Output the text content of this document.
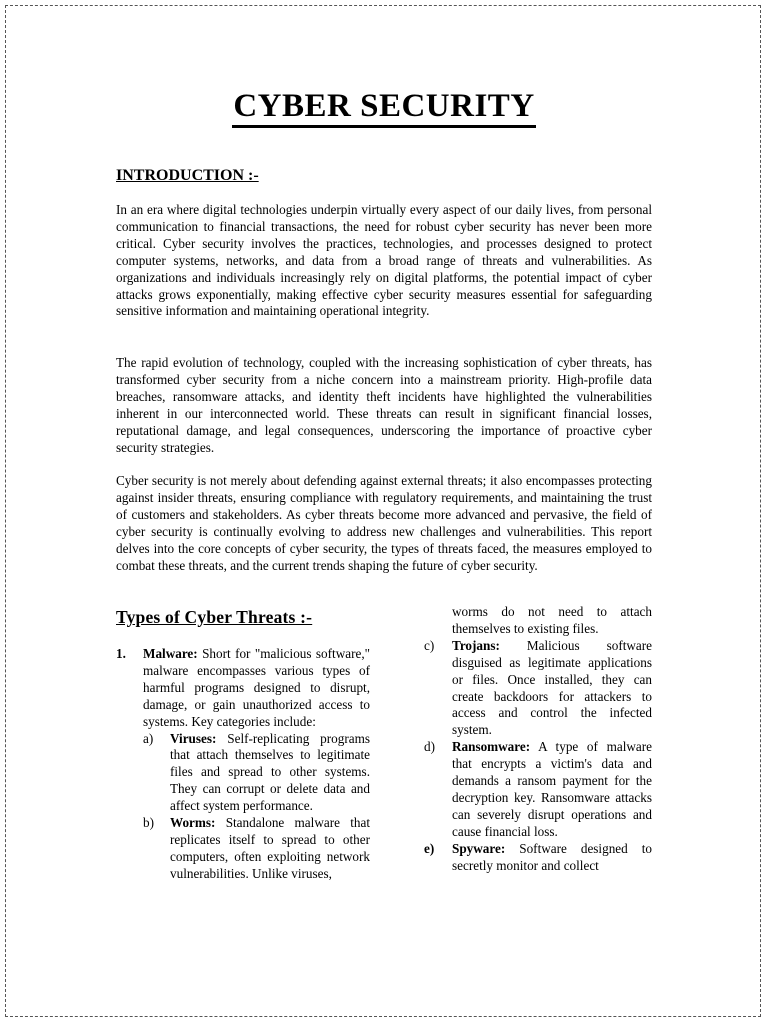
CYBER SECURITY
INTRODUCTION :-

In an era where digital technologies underpin virtually every aspect of our daily lives, from personal communication to financial transactions, the need for robust cyber security has never been more critical. Cyber security involves the practices, technologies, and processes designed to protect computer systems, networks, and data from a broad range of threats and vulnerabilities. As organizations and individuals increasingly rely on digital platforms, the potential impact of cyber attacks grows exponentially, making effective cyber security measures essential for safeguarding sensitive information and maintaining operational integrity.

The rapid evolution of technology, coupled with the increasing sophistication of cyber threats, has transformed cyber security from a niche concern into a mainstream priority. High-profile data breaches, ransomware attacks, and identity theft incidents have highlighted the vulnerabilities inherent in our interconnected world. These threats can result in significant financial losses, reputational damage, and legal consequences, underscoring the importance of proactive cyber security strategies.

Cyber security is not merely about defending against external threats; it also encompasses protecting against insider threats, ensuring compliance with regulatory requirements, and maintaining the trust of customers and stakeholders. As cyber threats become more advanced and pervasive, the field of cyber security is continually evolving to address new challenges and vulnerabilities. This report delves into the core concepts of cyber security, the types of threats faced, the measures employed to combat these threats, and the current trends shaping the future of cyber security.

Types of Cyber Threats :-
1. Malware: Short for "malicious software," malware encompasses various types of harmful programs designed to disrupt, damage, or gain unauthorized access to systems. Key categories include:
a) Viruses: Self-replicating programs that attach themselves to legitimate files and spread to other systems. They can corrupt or delete data and affect system performance.
b) Worms: Standalone malware that replicates itself to spread to other computers, often exploiting network vulnerabilities. Unlike viruses,
worms do not need to attach themselves to existing files.
c) Trojans: Malicious software disguised as legitimate applications or files. Once installed, they can create backdoors for attackers to access and control the infected system.
d) Ransomware: A type of malware that encrypts a victim's data and demands a ransom payment for the decryption key. Ransomware attacks can severely disrupt operations and cause financial loss.
e) Spyware: Software designed to secretly monitor and collect
